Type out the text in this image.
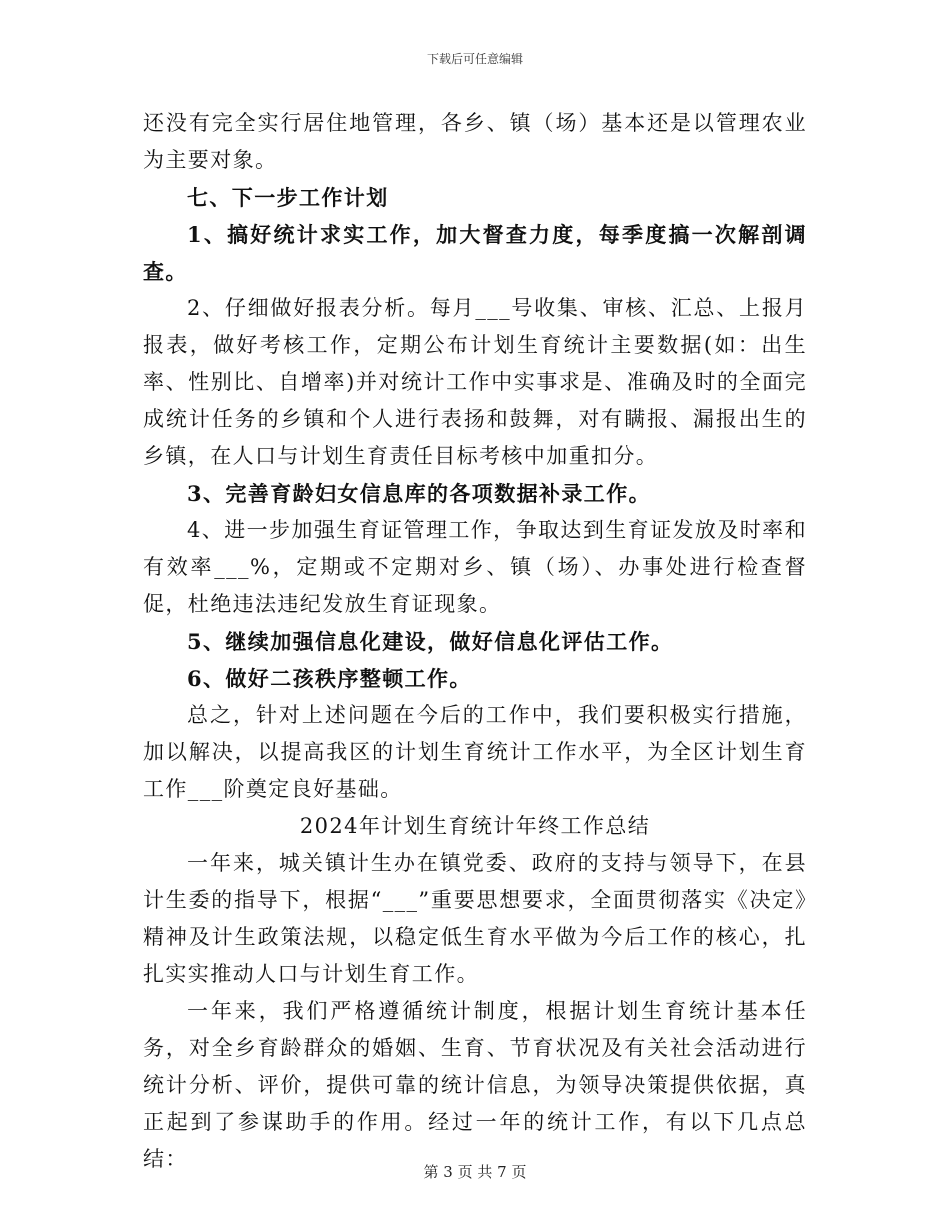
下载后可任意编辑

还没有完全实行居住地管理，各乡、镇（场）基本还是以管理农业为主要对象。

七、下一步工作计划

1、搞好统计求实工作，加大督查力度，每季度搞一次解剖调查。

2、仔细做好报表分析。每月___号收集、审核、汇总、上报月报表，做好考核工作，定期公布计划生育统计主要数据(如：出生率、性别比、自增率)并对统计工作中实事求是、准确及时的全面完成统计任务的乡镇和个人进行表扬和鼓舞，对有瞒报、漏报出生的乡镇，在人口与计划生育责任目标考核中加重扣分。

3、完善育龄妇女信息库的各项数据补录工作。

4、进一步加强生育证管理工作，争取达到生育证发放及时率和有效率___%，定期或不定期对乡、镇（场）、办事处进行检查督促，杜绝违法违纪发放生育证现象。

5、继续加强信息化建设，做好信息化评估工作。

6、做好二孩秩序整顿工作。

总之，针对上述问题在今后的工作中，我们要积极实行措施，加以解决，以提高我区的计划生育统计工作水平，为全区计划生育工作___阶奠定良好基础。

2024年计划生育统计年终工作总结

一年来，城关镇计生办在镇党委、政府的支持与领导下，在县计生委的指导下，根据“___”重要思想要求，全面贯彻落实《决定》精神及计生政策法规，以稳定低生育水平做为今后工作的核心，扎扎实实推动人口与计划生育工作。

一年来，我们严格遵循统计制度，根据计划生育统计基本任务，对全乡育龄群众的婚姻、生育、节育状况及有关社会活动进行统计分析、评价，提供可靠的统计信息，为领导决策提供依据，真正起到了参谋助手的作用。经过一年的统计工作，有以下几点总结：

第 3 页 共 7 页
